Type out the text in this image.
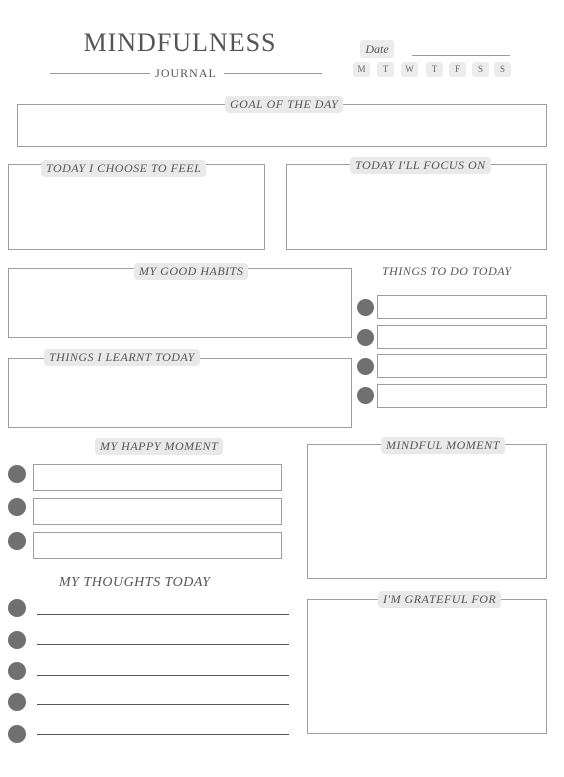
MINDFULNESS
JOURNAL
Date
M	T	W	T	F	S	S
GOAL OF THE DAY
TODAY I CHOOSE TO FEEL	TODAY I'LL FOCUS ON
MY GOOD HABITS	THINGS TO DO TODAY
THINGS I LEARNT TODAY
MY HAPPY MOMENT	MINDFUL MOMENT
MY THOUGHTS TODAY
I'M GRATEFUL FOR
